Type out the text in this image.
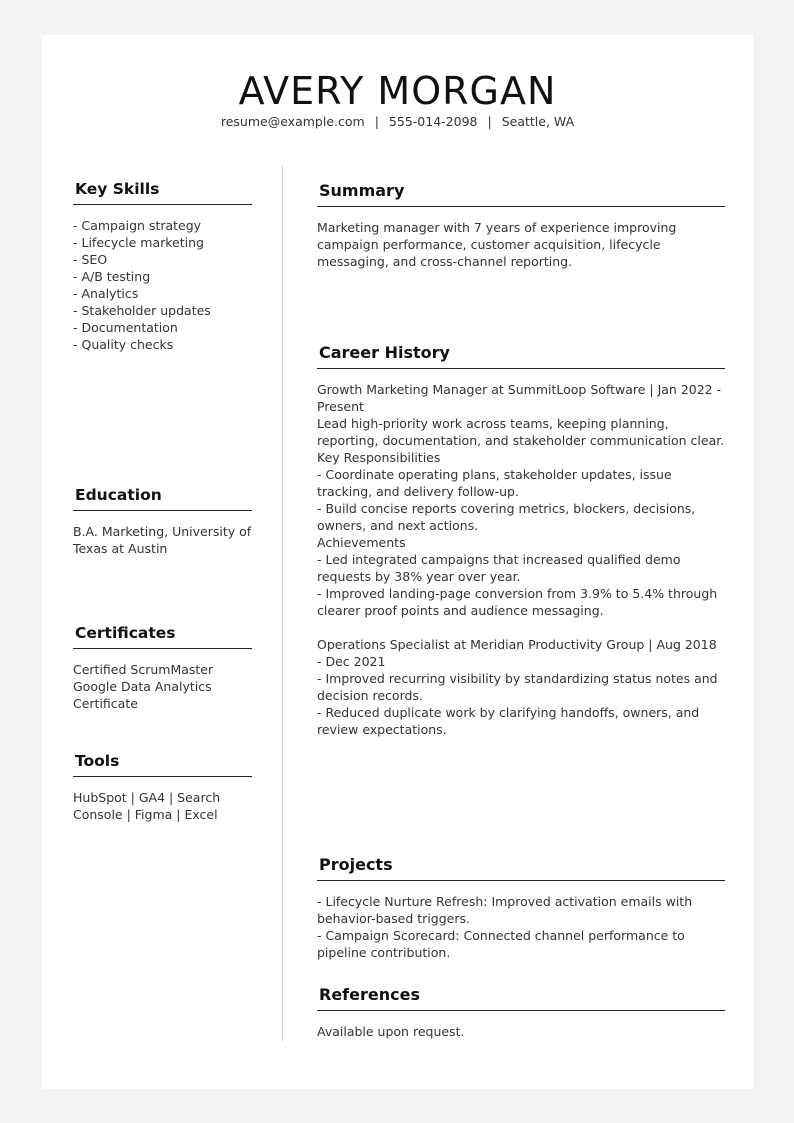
AVERY MORGAN
resume@example.com | 555-014-2098 | Seattle, WA
Key Skills
- Campaign strategy
- Lifecycle marketing
- SEO
- A/B testing
- Analytics
- Stakeholder updates
- Documentation
- Quality checks
Education
B.A. Marketing, University of Texas at Austin
Certificates
Certified ScrumMaster
Google Data Analytics Certificate
Tools
HubSpot | GA4 | Search Console | Figma | Excel
Summary
Marketing manager with 7 years of experience improving campaign performance, customer acquisition, lifecycle messaging, and cross-channel reporting.
Career History
Growth Marketing Manager at SummitLoop Software | Jan 2022 - Present
Lead high-priority work across teams, keeping planning, reporting, documentation, and stakeholder communication clear.
Key Responsibilities
- Coordinate operating plans, stakeholder updates, issue tracking, and delivery follow-up.
- Build concise reports covering metrics, blockers, decisions, owners, and next actions.
Achievements
- Led integrated campaigns that increased qualified demo requests by 38% year over year.
- Improved landing-page conversion from 3.9% to 5.4% through clearer proof points and audience messaging.
Operations Specialist at Meridian Productivity Group | Aug 2018 - Dec 2021
- Improved recurring visibility by standardizing status notes and decision records.
- Reduced duplicate work by clarifying handoffs, owners, and review expectations.
Projects
- Lifecycle Nurture Refresh: Improved activation emails with behavior-based triggers.
- Campaign Scorecard: Connected channel performance to pipeline contribution.
References
Available upon request.
